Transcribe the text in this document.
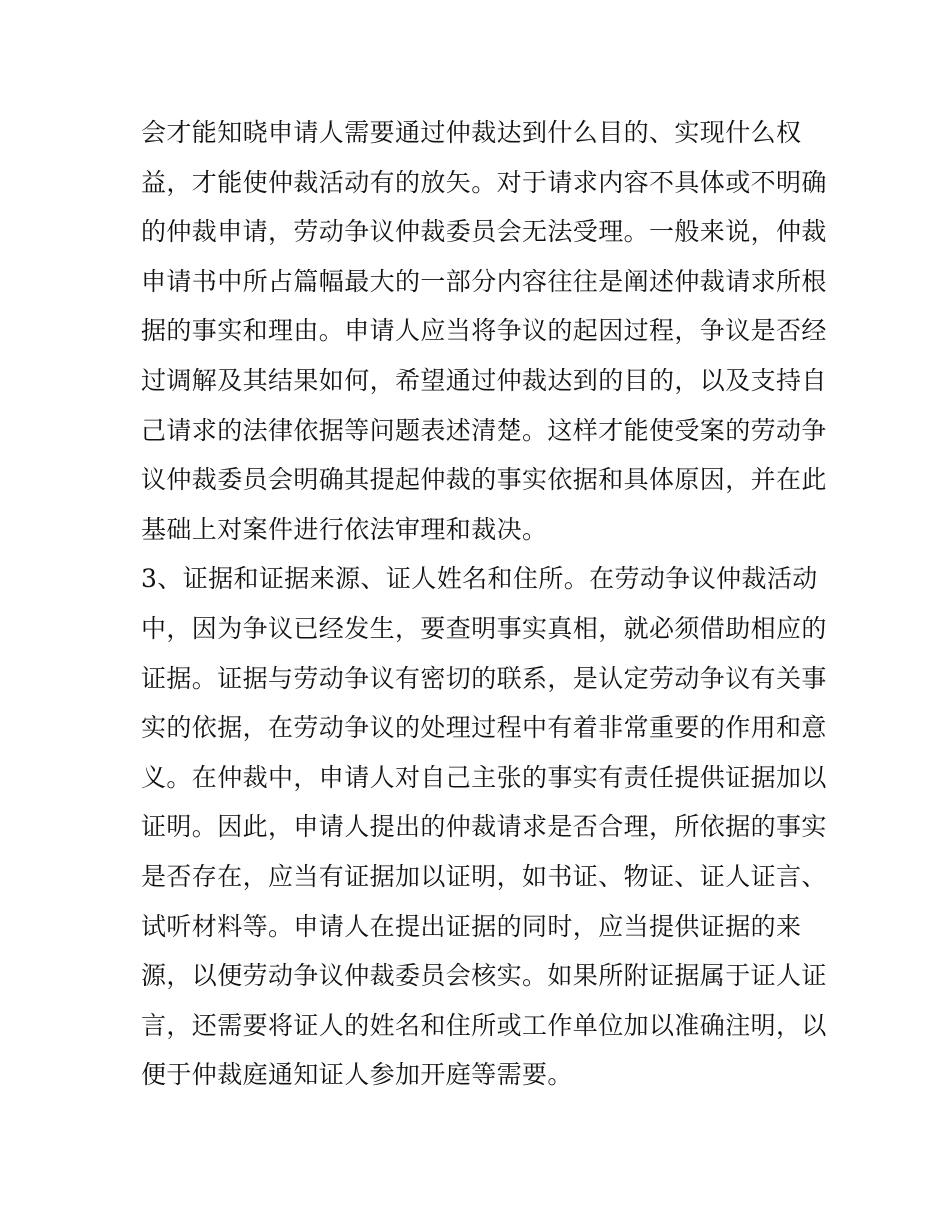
会才能知晓申请人需要通过仲裁达到什么目的、实现什么权
益，才能使仲裁活动有的放矢。对于请求内容不具体或不明确
的仲裁申请，劳动争议仲裁委员会无法受理。一般来说，仲裁
申请书中所占篇幅最大的一部分内容往往是阐述仲裁请求所根
据的事实和理由。申请人应当将争议的起因过程，争议是否经
过调解及其结果如何，希望通过仲裁达到的目的，以及支持自
己请求的法律依据等问题表述清楚。这样才能使受案的劳动争
议仲裁委员会明确其提起仲裁的事实依据和具体原因，并在此
基础上对案件进行依法审理和裁决。
3、证据和证据来源、证人姓名和住所。在劳动争议仲裁活动
中，因为争议已经发生，要查明事实真相，就必须借助相应的
证据。证据与劳动争议有密切的联系，是认定劳动争议有关事
实的依据，在劳动争议的处理过程中有着非常重要的作用和意
义。在仲裁中，申请人对自己主张的事实有责任提供证据加以
证明。因此，申请人提出的仲裁请求是否合理，所依据的事实
是否存在，应当有证据加以证明，如书证、物证、证人证言、
试听材料等。申请人在提出证据的同时，应当提供证据的来
源，以便劳动争议仲裁委员会核实。如果所附证据属于证人证
言，还需要将证人的姓名和住所或工作单位加以准确注明，以
便于仲裁庭通知证人参加开庭等需要。
